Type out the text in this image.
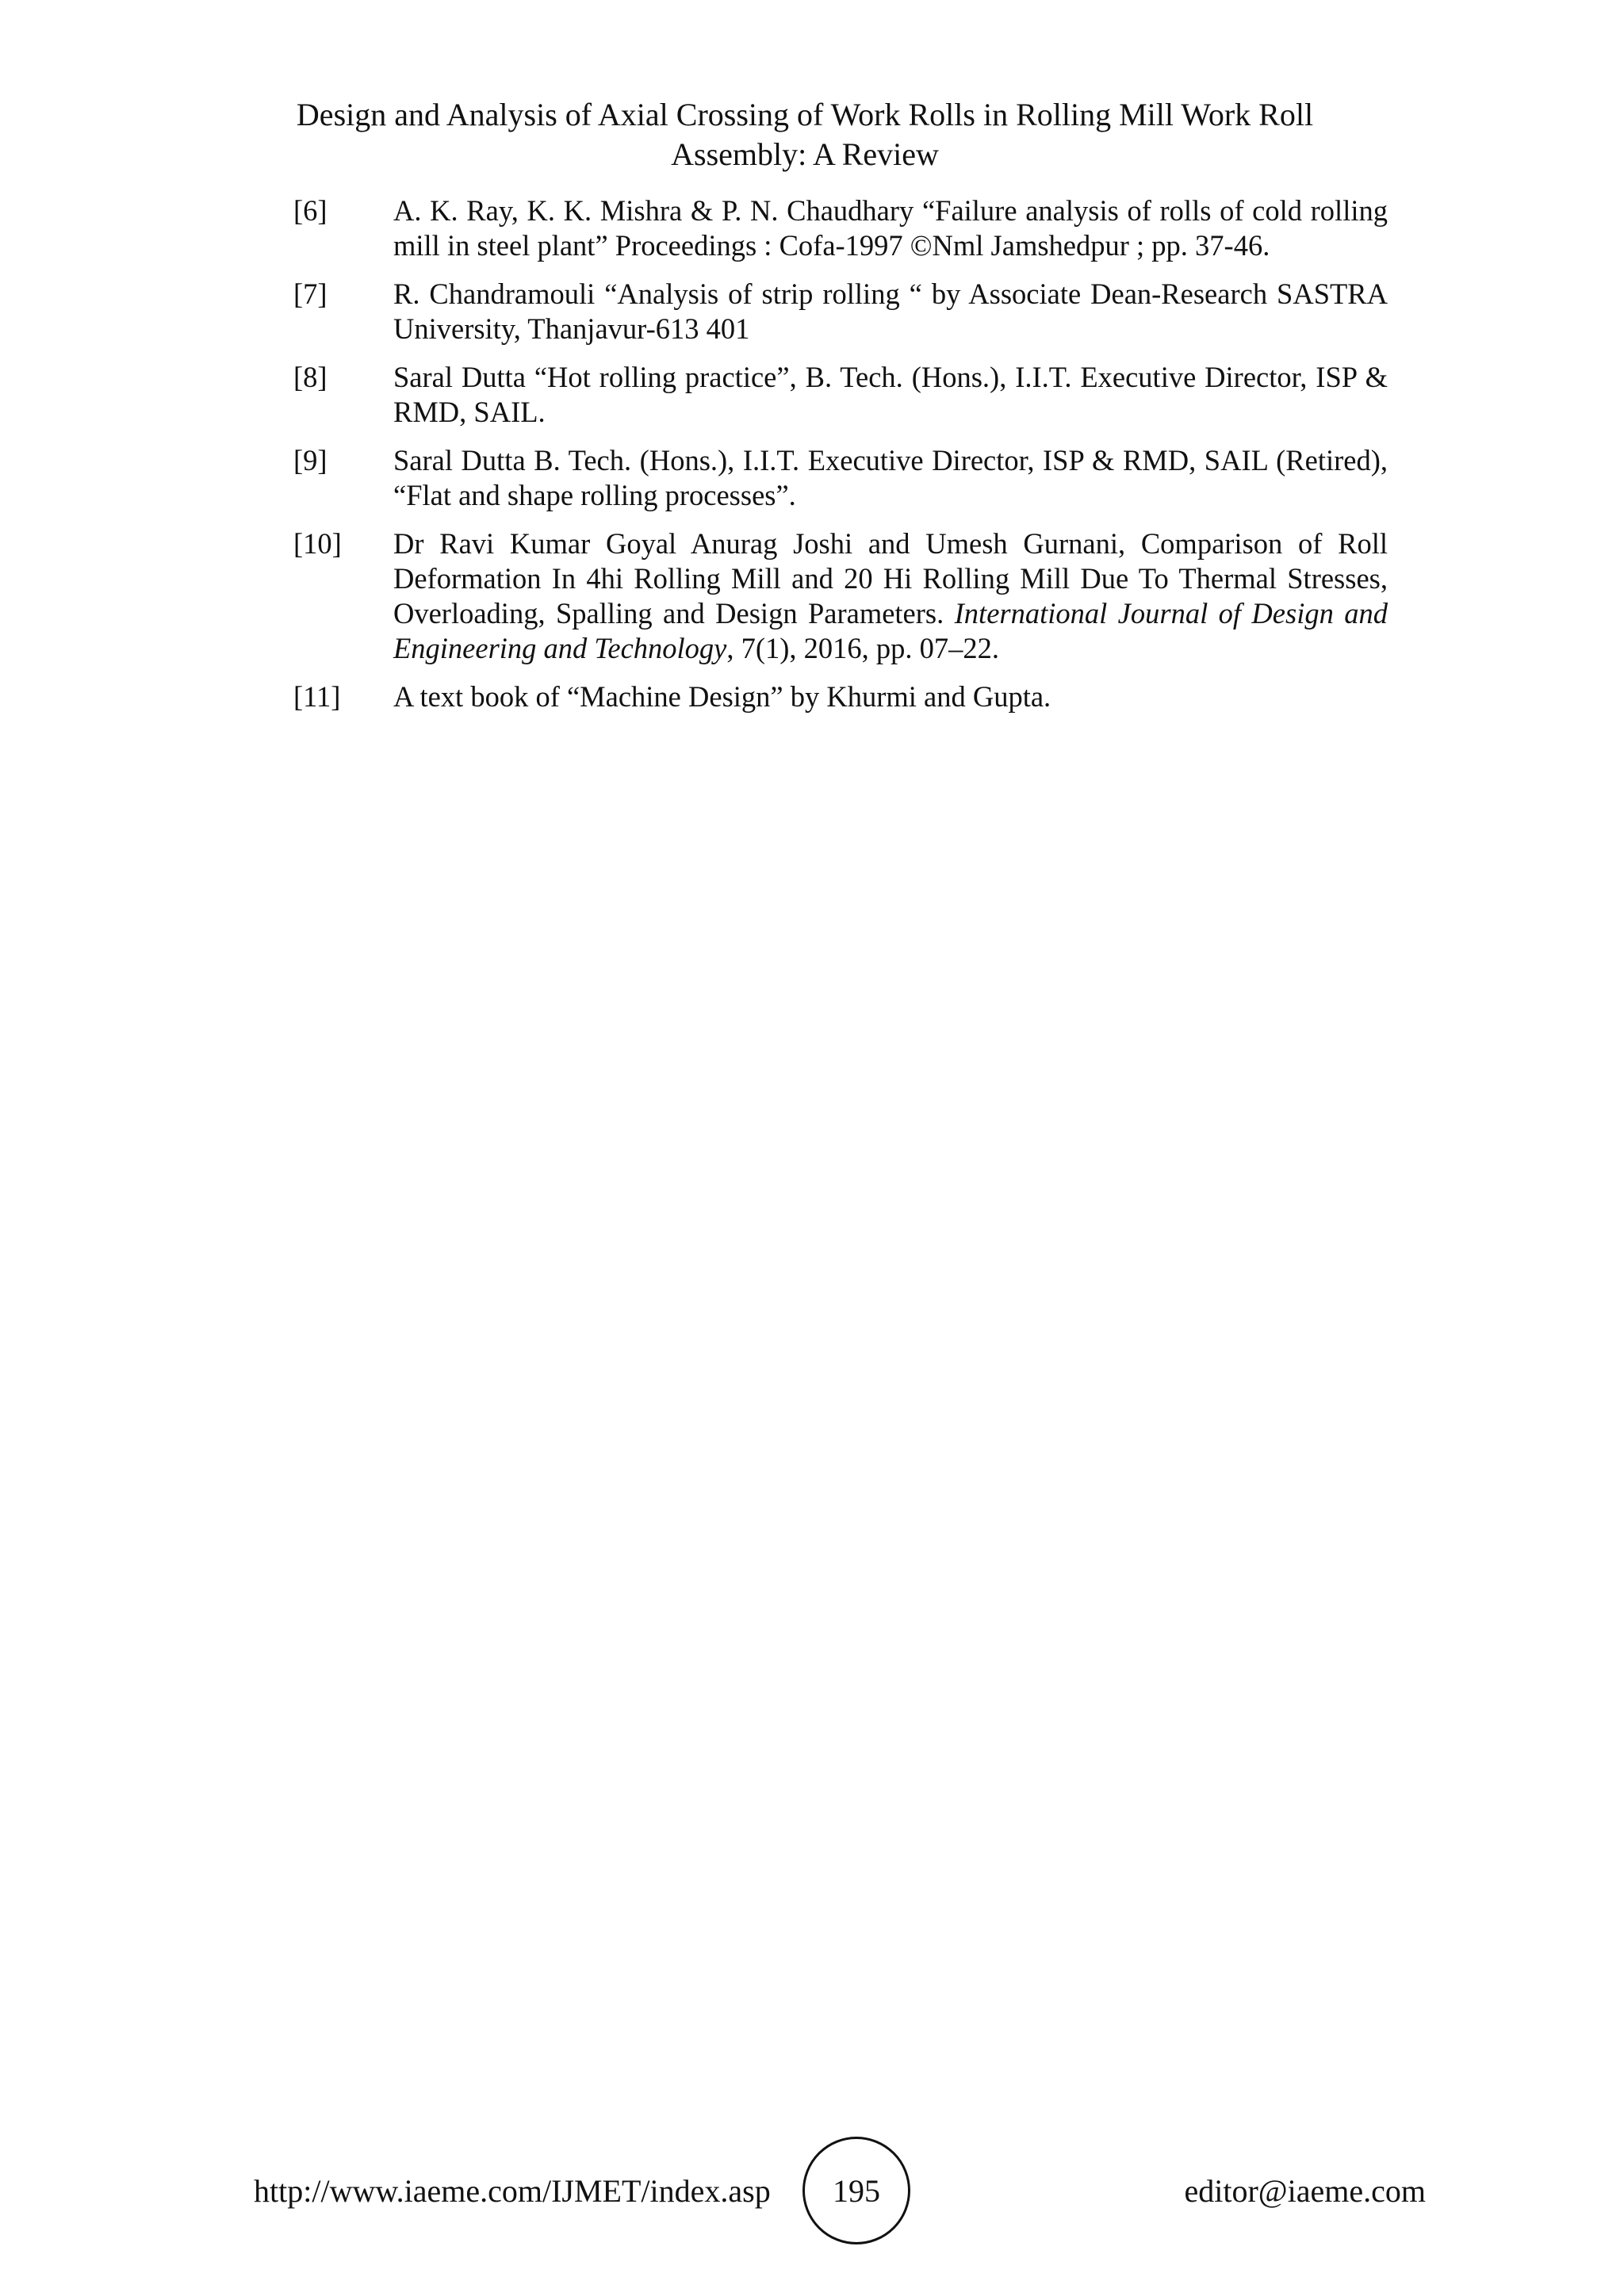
Design and Analysis of Axial Crossing of Work Rolls in Rolling Mill Work Roll
Assembly: A Review
[6]	A. K. Ray, K. K. Mishra & P. N. Chaudhary “Failure analysis of rolls of cold rolling mill in steel plant” Proceedings : Cofa-1997 ©Nml Jamshedpur ; pp. 37-46.
[7]	R. Chandramouli “Analysis of strip rolling “ by Associate Dean-Research SASTRA University, Thanjavur-613 401
[8]	Saral Dutta “Hot rolling practice”, B. Tech. (Hons.), I.I.T. Executive Director, ISP & RMD, SAIL.
[9]	Saral Dutta B. Tech. (Hons.), I.I.T. Executive Director, ISP & RMD, SAIL (Retired), “Flat and shape rolling processes”.
[10]	Dr Ravi Kumar Goyal Anurag Joshi and Umesh Gurnani, Comparison of Roll Deformation In 4hi Rolling Mill and 20 Hi Rolling Mill Due To Thermal Stresses, Overloading, Spalling and Design Parameters. International Journal of Design and Engineering and Technology, 7(1), 2016, pp. 07–22.
[11]	A text book of “Machine Design” by Khurmi and Gupta.
http://www.iaeme.com/IJMET/index.asp 195	editor@iaeme.com
